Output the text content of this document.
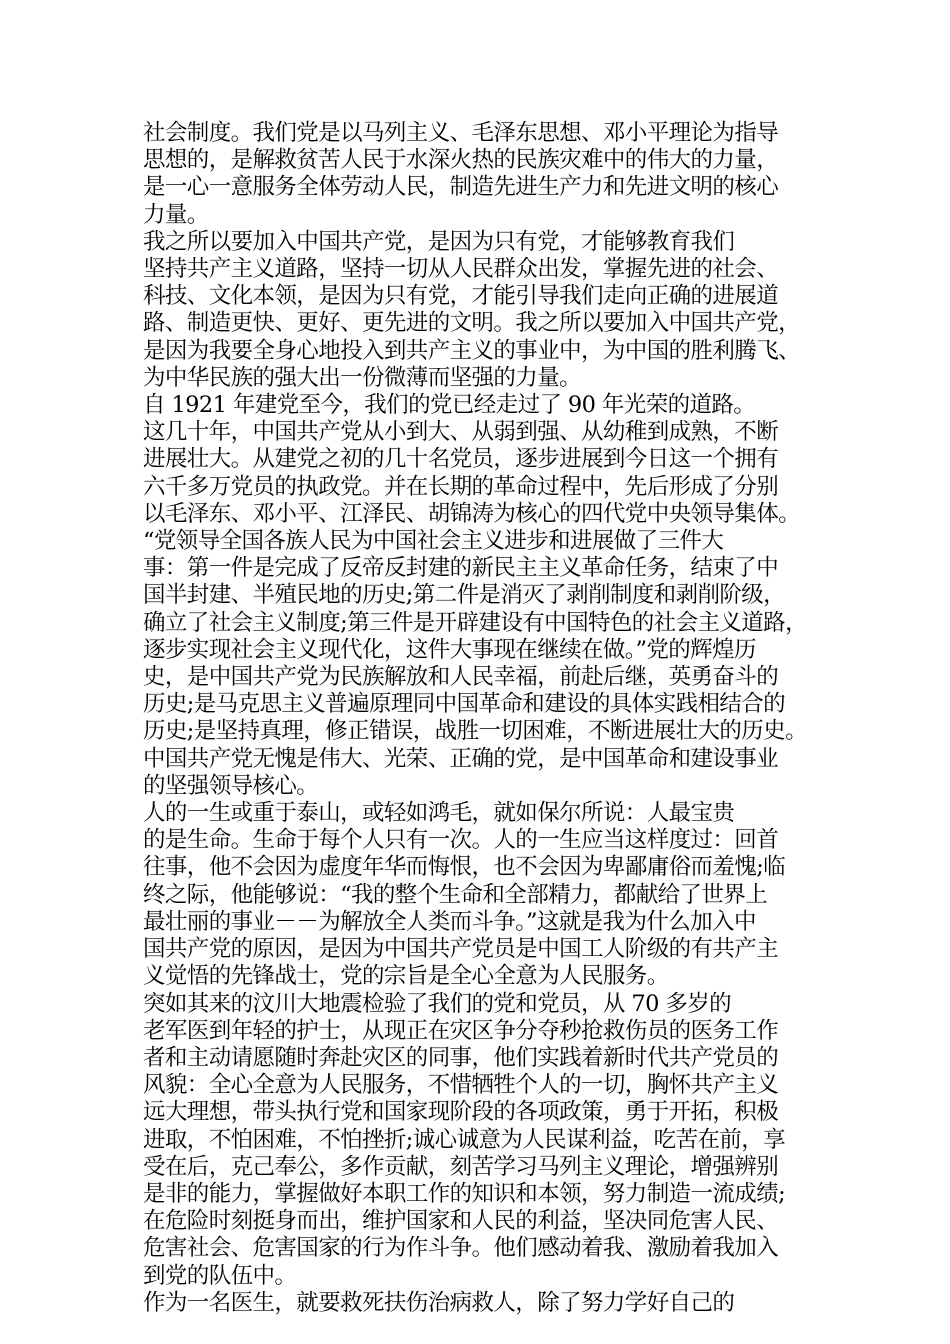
社会制度。我们党是以马列主义、毛泽东思想、邓小平理论为指导
思想的，是解救贫苦人民于水深火热的民族灾难中的伟大的力量，
是一心一意服务全体劳动人民，制造先进生产力和先进文明的核心
力量。

我之所以要加入中国共产党，是因为只有党，才能够教育我们
坚持共产主义道路，坚持一切从人民群众出发，掌握先进的社会、
科技、文化本领，是因为只有党，才能引导我们走向正确的进展道
路、制造更快、更好、更先进的文明。我之所以要加入中国共产党，
是因为我要全身心地投入到共产主义的事业中，为中国的胜利腾飞、
为中华民族的强大出一份微薄而坚强的力量。

自 1921 年建党至今，我们的党已经走过了 90 年光荣的道路。
这几十年，中国共产党从小到大、从弱到强、从幼稚到成熟，不断
进展壮大。从建党之初的几十名党员，逐步进展到今日这一个拥有
六千多万党员的执政党。并在长期的革命过程中，先后形成了分别
以毛泽东、邓小平、江泽民、胡锦涛为核心的四代党中央领导集体。

“党领导全国各族人民为中国社会主义进步和进展做了三件大
事：第一件是完成了反帝反封建的新民主主义革命任务，结束了中
国半封建、半殖民地的历史;第二件是消灭了剥削制度和剥削阶级，
确立了社会主义制度;第三件是开辟建设有中国特色的社会主义道路，
逐步实现社会主义现代化，这件大事现在继续在做。”党的辉煌历
史，是中国共产党为民族解放和人民幸福，前赴后继，英勇奋斗的
历史;是马克思主义普遍原理同中国革命和建设的具体实践相结合的
历史;是坚持真理，修正错误，战胜一切困难，不断进展壮大的历史。
中国共产党无愧是伟大、光荣、正确的党，是中国革命和建设事业
的坚强领导核心。

人的一生或重于泰山，或轻如鸿毛，就如保尔所说：人最宝贵
的是生命。生命于每个人只有一次。人的一生应当这样度过：回首
往事，他不会因为虚度年华而悔恨，也不会因为卑鄙庸俗而羞愧;临
终之际，他能够说：“我的整个生命和全部精力，都献给了世界上
最壮丽的事业－－为解放全人类而斗争。”这就是我为什么加入中
国共产党的原因，是因为中国共产党员是中国工人阶级的有共产主
义觉悟的先锋战士，党的宗旨是全心全意为人民服务。

突如其来的汶川大地震检验了我们的党和党员，从 70 多岁的
老军医到年轻的护士，从现正在灾区争分夺秒抢救伤员的医务工作
者和主动请愿随时奔赴灾区的同事，他们实践着新时代共产党员的
风貌：全心全意为人民服务，不惜牺牲个人的一切，胸怀共产主义
远大理想，带头执行党和国家现阶段的各项政策，勇于开拓，积极
进取，不怕困难，不怕挫折;诚心诚意为人民谋利益，吃苦在前，享
受在后，克己奉公，多作贡献，刻苦学习马列主义理论，增强辨别
是非的能力，掌握做好本职工作的知识和本领，努力制造一流成绩;
在危险时刻挺身而出，维护国家和人民的利益，坚决同危害人民、
危害社会、危害国家的行为作斗争。他们感动着我、激励着我加入
到党的队伍中。

作为一名医生，就要救死扶伤治病救人，除了努力学好自己的
